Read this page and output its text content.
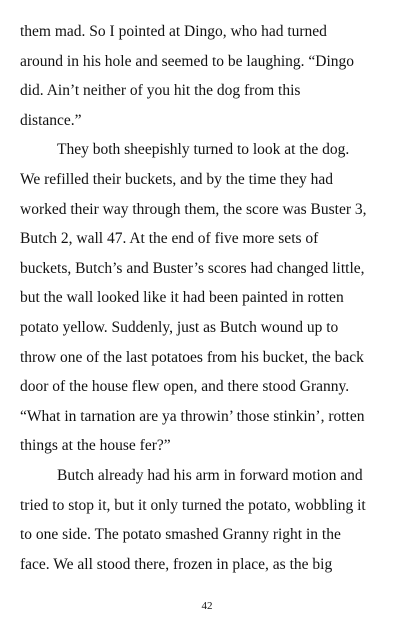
them mad. So I pointed at Dingo, who had turned
around in his hole and seemed to be laughing. “Dingo
did. Ain’t neither of you hit the dog from this
distance.”
They both sheepishly turned to look at the dog.
We refilled their buckets, and by the time they had
worked their way through them, the score was Buster 3,
Butch 2, wall 47. At the end of five more sets of
buckets, Butch’s and Buster’s scores had changed little,
but the wall looked like it had been painted in rotten
potato yellow. Suddenly, just as Butch wound up to
throw one of the last potatoes from his bucket, the back
door of the house flew open, and there stood Granny.
“What in tarnation are ya throwin’ those stinkin’, rotten
things at the house fer?”
Butch already had his arm in forward motion and
tried to stop it, but it only turned the potato, wobbling it
to one side. The potato smashed Granny right in the
face. We all stood there, frozen in place, as the big
42
